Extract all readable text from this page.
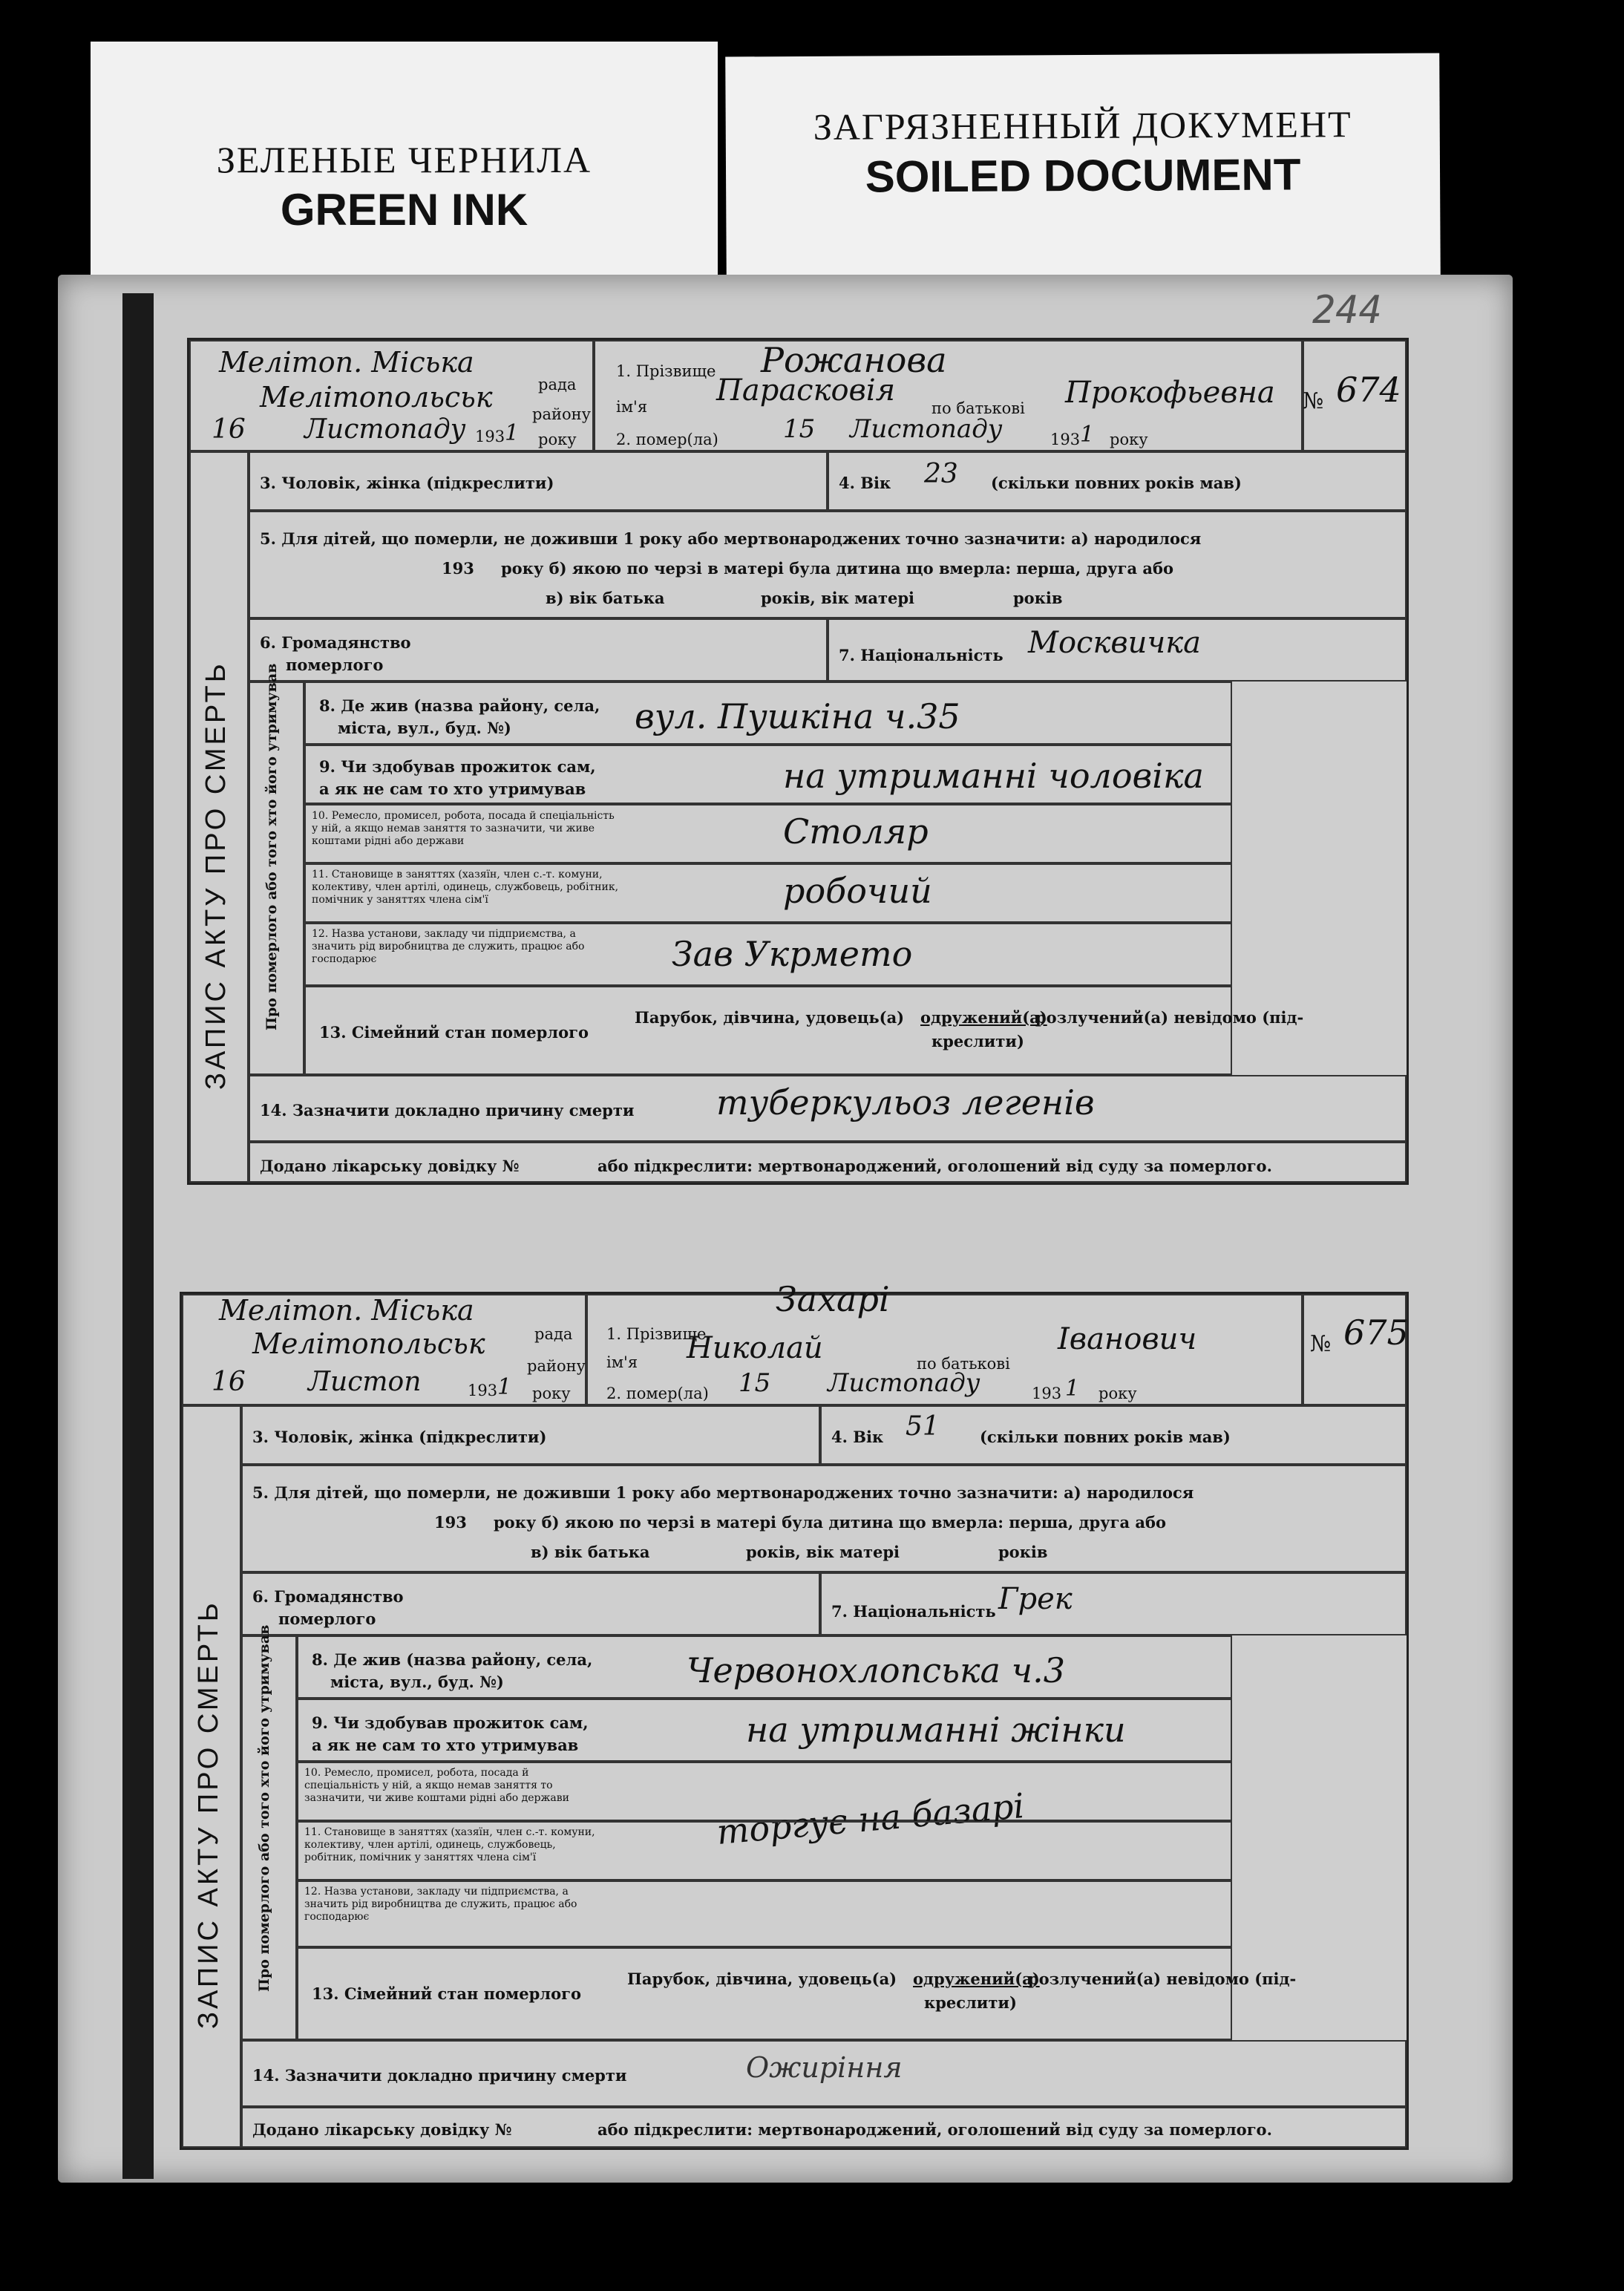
ЗЕЛЕНЫЕ ЧЕРНИЛА
GREEN INK
ЗАГРЯЗНЕННЫЙ ДОКУМЕНТ
SOILED DOCUMENT
244
Мелітоп. Міська
рада
Мелітопольськ
району
16 Листопаду 193 1 року
1. Прізвище Рожанова
ім'я Парасковія
по батькові Прокофьевна № 674
2. помер(ла)	15 Листопаду	193 1 року
ЗАПИС АКТУ ПРО СМЕРТЬ
3. Чоловік, жінка (підкреслити)	4. Вік 23 (скільки повних років мав)
5. Для дітей, що померли, не доживши 1 року або мертвонароджених точно зазначити: а) народилося
193 року б) якою по черзі в матері була дитина що вмерла: перша, друга або
в) вік батька	років, вік матері	років
6. Громадянство
померлого
7. Національність Москвичка
Про померлого або того хто його утримував	8. Де жив (назва району, села,
міста, вул., буд. №)	вул. Пушкіна ч.35
9. Чи здобував прожиток сам,
а як не сам то хто утримував	на утриманні чоловіка
10. Ремесло, промисел, робота, посада й спеціальність у ній, а якщо немав заняття то зазначити, чи живе коштами рідні або держави	Столяр
11. Становище в заняттях (хазяїн, член с.-т. комуни, колективу, член артілі, одинець, службовець, робітник, помічник у заняттях члена сім'ї	робочий
12. Назва установи, закладу чи підприємства, а значить рід виробництва де служить, працює або господарює	Зав Укрмето
13. Сімейний стан померлого
Парубок, дівчина, удовець(а) одружений(а)
розлучений(а) невідомо (під-
креслити)
14. Зазначити докладно причину смерти туберкульоз легенів
Додано лікарську довідку №	або підкреслити: мертвонароджений, оголошений від суду за померлого.
Мелітоп. Міська
рада
Мелітопольськ
району
16 Листоп	193 1 року
1. Прізвище
Захарі
ім'я Николай	по батькові
Іванович	№ 675
2. помер(ла) 15 Листопаду	193 1 року
ЗАПИС АКТУ ПРО СМЕРТЬ
3. Чоловік, жінка (підкреслити)	4. Вік 51	(скільки повних років мав)
5. Для дітей, що померли, не доживши 1 року або мертвонароджених точно зазначити: а) народилося
193 року б) якою по черзі в матері була дитина що вмерла: перша, друга або
в) вік батька	років, вік матері	років
6. Громадянство
померлого	7. Національність Грек
Про померлого або того хто його утримував	8. Де жив (назва району, села,
міста, вул., буд. №)	Червонохлопська ч.3
9. Чи здобував прожиток сам,
а як не сам то хто утримував	на утриманні жінки
10. Ремесло, промисел, робота, посада й спеціальність у ній, а якщо немав заняття то зазначити, чи живе коштами рідні або держави	торгує на базарі
11. Становище в заняттях (хазяїн, член с.-т. комуни, колективу, член артілі, одинець, службовець, робітник, помічник у заняттях члена сім'ї
12. Назва установи, закладу чи підприємства, а значить рід виробництва де служить, працює або господарює
13. Сімейний стан померлого
Парубок, дівчина, удовець(а) одружений(а)
розлучений(а) невідомо (під-
креслити)
14. Зазначити докладно причину смерти	Ожиріння
Додано лікарську довідку №	або підкреслити: мертвонароджений, оголошений від суду за померлого.
